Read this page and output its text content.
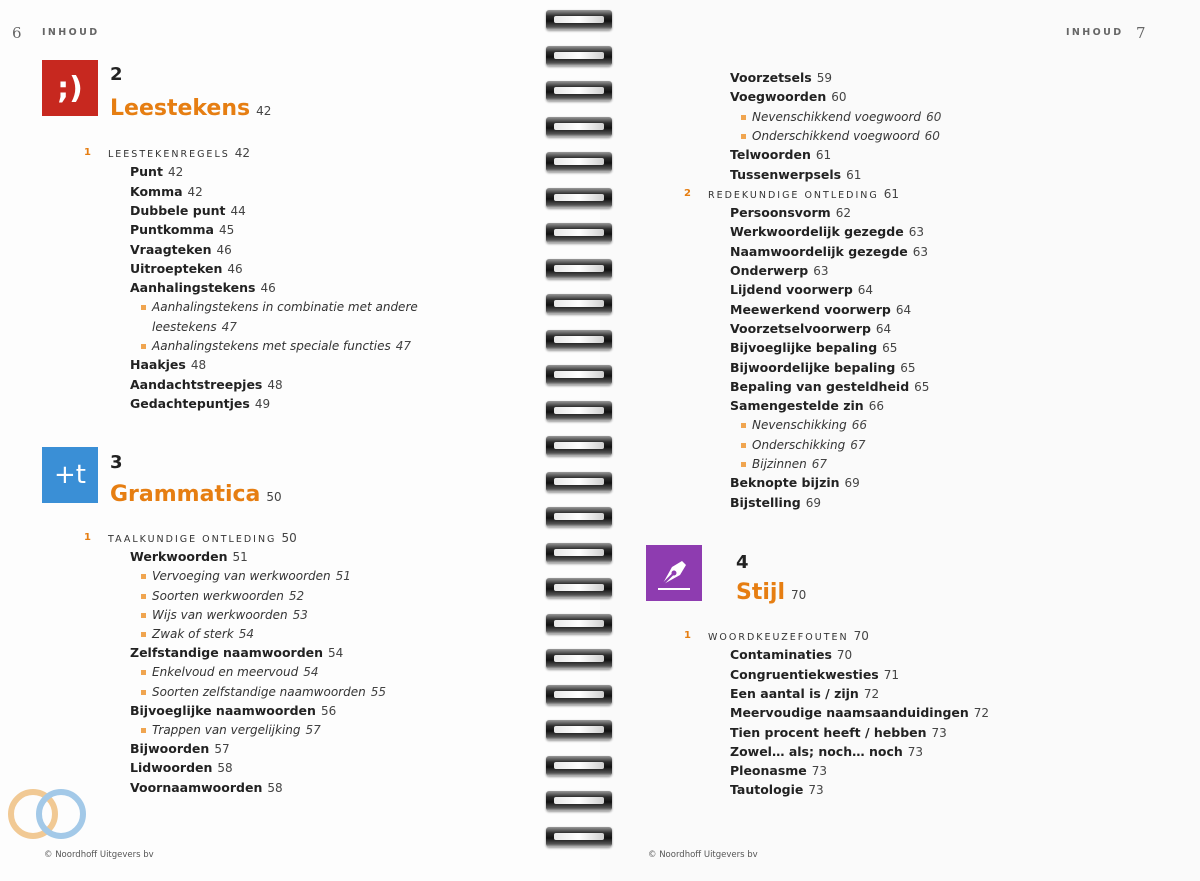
6 INHOUD
;) 2
Leestekens 42
LEESTEKENREGELS 42
1
Punt 42
Komma 42
Dubbele punt 44
Puntkomma 45
Vraagteken 46
Uitroepteken 46
Aanhalingstekens 46
Aanhalingstekens in combinatie met andere
leestekens 47
Aanhalingstekens met speciale functies 47
Haakjes 48
Aandachtstreepjes 48
Gedachtepuntjes 49
+t 3
Grammatica 50
TAALKUNDIGE ONTLEDING 50
1
Werkwoorden 51
Vervoeging van werkwoorden 51
Soorten werkwoorden 52
Wijs van werkwoorden 53
Zwak of sterk 54
Zelfstandige naamwoorden 54
Enkelvoud en meervoud 54
Soorten zelfstandige naamwoorden 55
Bijvoeglijke naamwoorden 56
Trappen van vergelijking 57
Bijwoorden 57
Lidwoorden 58
Voornaamwoorden 58
© Noordhoff Uitgevers bv
INHOUD 7
Voorzetsels 59
Voegwoorden 60
Nevenschikkend voegwoord 60
Onderschikkend voegwoord 60
Telwoorden 61
Tussenwerpsels 61
REDEKUNDIGE ONTLEDING 61
2
Persoonsvorm 62
Werkwoordelijk gezegde 63
Naamwoordelijk gezegde 63
Onderwerp 63
Lijdend voorwerp 64
Meewerkend voorwerp 64
Voorzetselvoorwerp 64
Bijvoeglijke bepaling 65
Bijwoordelijke bepaling 65
Bepaling van gesteldheid 65
Samengestelde zin 66
Nevenschikking 66
Onderschikking 67
Bijzinnen 67
Beknopte bijzin 69
Bijstelling 69
4
Stijl 70
WOORDKEUZEFOUTEN 70
1
Contaminaties 70
Congruentiekwesties 71
Een aantal is / zijn 72
Meervoudige naamsaanduidingen 72
Tien procent heeft / hebben 73
Zowel… als; noch… noch 73
Pleonasme 73
Tautologie 73
© Noordhoff Uitgevers bv
